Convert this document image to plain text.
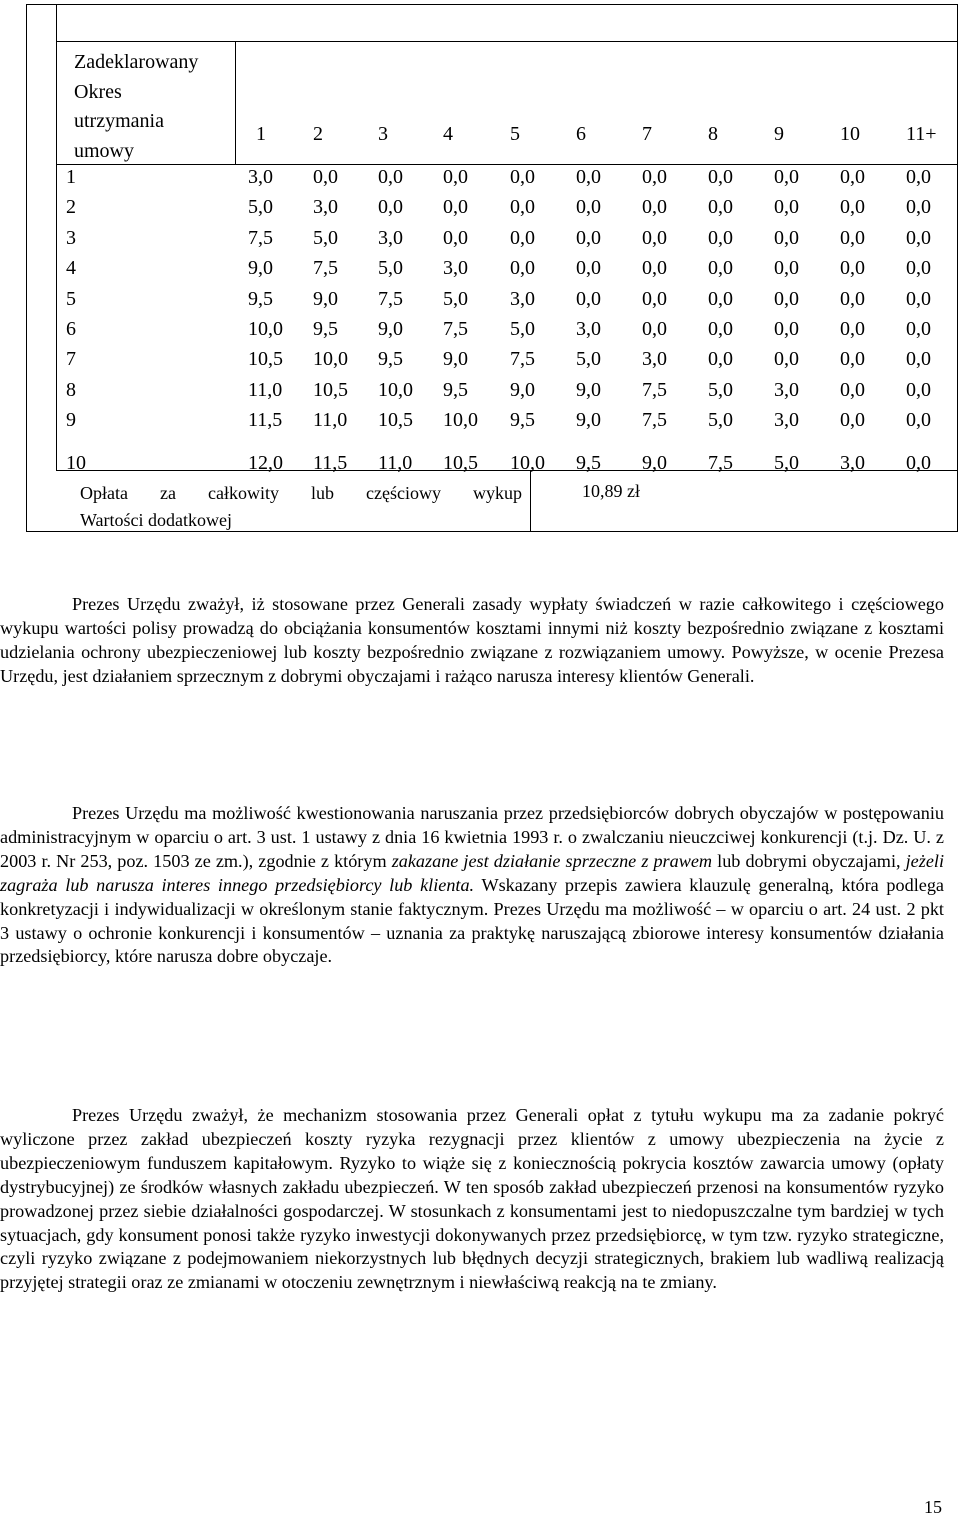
Zadeklarowany
Okres
utrzymania
umowy
1 2	3	4	5	6	7	8	9	10 11+
1	3,0 0,0 0,0 0,0 0,0 0,0 0,0 0,0 0,0 0,0 0,0
2	5,0 3,0 0,0 0,0 0,0 0,0 0,0 0,0 0,0 0,0 0,0
3	7,5 5,0 3,0 0,0 0,0 0,0 0,0 0,0 0,0 0,0 0,0
4	9,0 7,5 5,0 3,0 0,0 0,0 0,0 0,0 0,0 0,0 0,0
5	9,5 9,0 7,5 5,0 3,0 0,0 0,0 0,0 0,0 0,0 0,0
6	10,0 9,5 9,0 7,5 5,0 3,0 0,0 0,0 0,0 0,0 0,0
7	10,5 10,0 9,5 9,0 7,5 5,0 3,0 0,0 0,0 0,0 0,0
8	11,0 10,5 10,0 9,5 9,0 9,0 7,5 5,0 3,0 0,0 0,0
9	11,5 11,0 10,5 10,0 9,5 9,0 7,5 5,0 3,0 0,0 0,0
10	12,0 11,5 11,0 10,5 10,0 9,5 9,0 7,5 5,0 3,0 0,0
Opłata za całkowity lub częściowy wykup
Wartości dodatkowej
10,89 zł

Prezes Urzędu zważył, iż stosowane przez Generali zasady wypłaty świadczeń w razie całkowitego i częściowego wykupu wartości polisy prowadzą do obciążania konsumentów kosztami innymi niż koszty bezpośrednio związane z kosztami udzielania ochrony ubezpieczeniowej lub koszty bezpośrednio związane z rozwiązaniem umowy. Powyższe, w ocenie Prezesa Urzędu, jest działaniem sprzecznym z dobrymi obyczajami i rażąco narusza interesy klientów Generali.

Prezes Urzędu ma możliwość kwestionowania naruszania przez przedsiębiorców dobrych obyczajów w postępowaniu administracyjnym w oparciu o art. 3 ust. 1 ustawy z dnia 16 kwietnia 1993 r. o zwalczaniu nieuczciwej konkurencji (t.j. Dz. U. z 2003 r. Nr 253, poz. 1503 ze zm.), zgodnie z którym zakazane jest działanie sprzeczne z prawem lub dobrymi obyczajami, jeżeli zagraża lub narusza interes innego przedsiębiorcy lub klienta. Wskazany przepis zawiera klauzulę generalną, która podlega konkretyzacji i indywidualizacji w określonym stanie faktycznym. Prezes Urzędu ma możliwość – w oparciu o art. 24 ust. 2 pkt 3 ustawy o ochronie konkurencji i konsumentów – uznania za praktykę naruszającą zbiorowe interesy konsumentów działania przedsiębiorcy, które narusza dobre obyczaje.

Prezes Urzędu zważył, że mechanizm stosowania przez Generali opłat z tytułu wykupu ma za zadanie pokryć wyliczone przez zakład ubezpieczeń koszty ryzyka rezygnacji przez klientów z umowy ubezpieczenia na życie z ubezpieczeniowym funduszem kapitałowym. Ryzyko to wiąże się z koniecznością pokrycia kosztów zawarcia umowy (opłaty dystrybucyjnej) ze środków własnych zakładu ubezpieczeń. W ten sposób zakład ubezpieczeń przenosi na konsumentów ryzyko prowadzonej przez siebie działalności gospodarczej. W stosunkach z konsumentami jest to niedopuszczalne tym bardziej w tych sytuacjach, gdy konsument ponosi także ryzyko inwestycji dokonywanych przez przedsiębiorcę, w tym tzw. ryzyko strategiczne, czyli ryzyko związane z podejmowaniem niekorzystnych lub błędnych decyzji strategicznych, brakiem lub wadliwą realizacją przyjętej strategii oraz ze zmianami w otoczeniu zewnętrznym i niewłaściwą reakcją na te zmiany.

15
